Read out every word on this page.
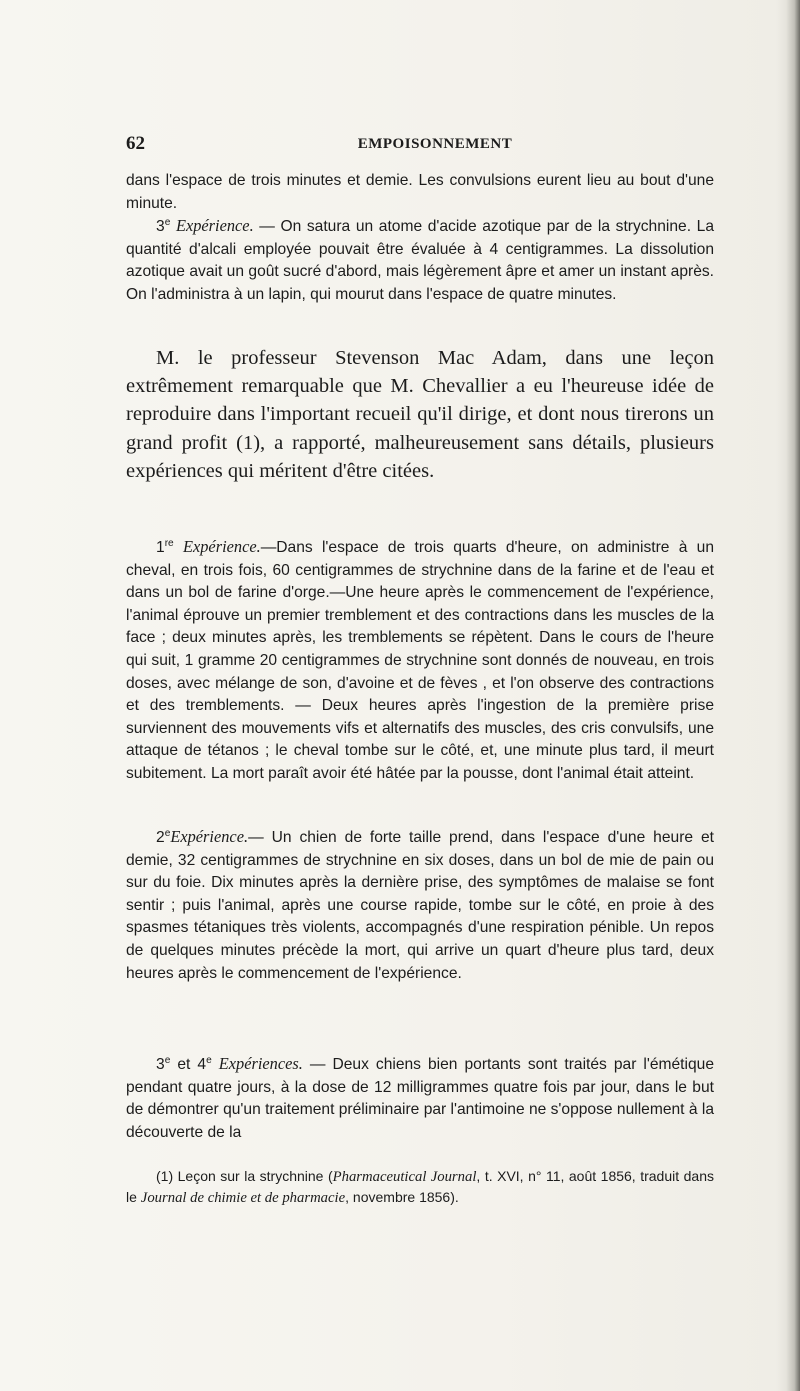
62	EMPOISONNEMENT

dans l'espace de trois minutes et demie. Les convulsions eurent lieu au bout d'une minute.

3e Expérience. — On satura un atome d'acide azotique par de la strychnine. La quantité d'alcali employée pouvait être évaluée à 4 centigrammes. La dissolution azotique avait un goût sucré d'abord, mais légèrement âpre et amer un instant après. On l'administra à un lapin, qui mourut dans l'espace de quatre minutes.

M. le professeur Stevenson Mac Adam, dans une leçon extrêmement remarquable que M. Chevallier a eu l'heureuse idée de reproduire dans l'important recueil qu'il dirige, et dont nous tirerons un grand profit (1), a rapporté, malheureusement sans détails, plusieurs expériences qui méritent d'être citées.

1re Expérience.—Dans l'espace de trois quarts d'heure, on administre à un cheval, en trois fois, 60 centigrammes de strychnine dans de la farine et de l'eau et dans un bol de farine d'orge.—Une heure après le commencement de l'expérience, l'animal éprouve un premier tremblement et des contractions dans les muscles de la face ; deux minutes après, les tremblements se répètent. Dans le cours de l'heure qui suit, 1 gramme 20 centigrammes de strychnine sont donnés de nouveau, en trois doses, avec mélange de son, d'avoine et de fèves , et l'on observe des contractions et des tremblements. — Deux heures après l'ingestion de la première prise surviennent des mouvements vifs et alternatifs des muscles, des cris convulsifs, une attaque de tétanos ; le cheval tombe sur le côté, et, une minute plus tard, il meurt subitement. La mort paraît avoir été hâtée par la pousse, dont l'animal était atteint.

2eExpérience.— Un chien de forte taille prend, dans l'espace d'une heure et demie, 32 centigrammes de strychnine en six doses, dans un bol de mie de pain ou sur du foie. Dix minutes après la dernière prise, des symptômes de malaise se font sentir ; puis l'animal, après une course rapide, tombe sur le côté, en proie à des spasmes tétaniques très violents, accompagnés d'une respiration pénible. Un repos de quelques minutes précède la mort, qui arrive un quart d'heure plus tard, deux heures après le commencement de l'expérience.

3e et 4e Expériences. — Deux chiens bien portants sont traités par l'émétique pendant quatre jours, à la dose de 12 milligrammes quatre fois par jour, dans le but de démontrer qu'un traitement préliminaire par l'antimoine ne s'oppose nullement à la découverte de la

(1) Leçon sur la strychnine (Pharmaceutical Journal, t. XVI, n° 11, août 1856, traduit dans le Journal de chimie et de pharmacie, novembre 1856).
